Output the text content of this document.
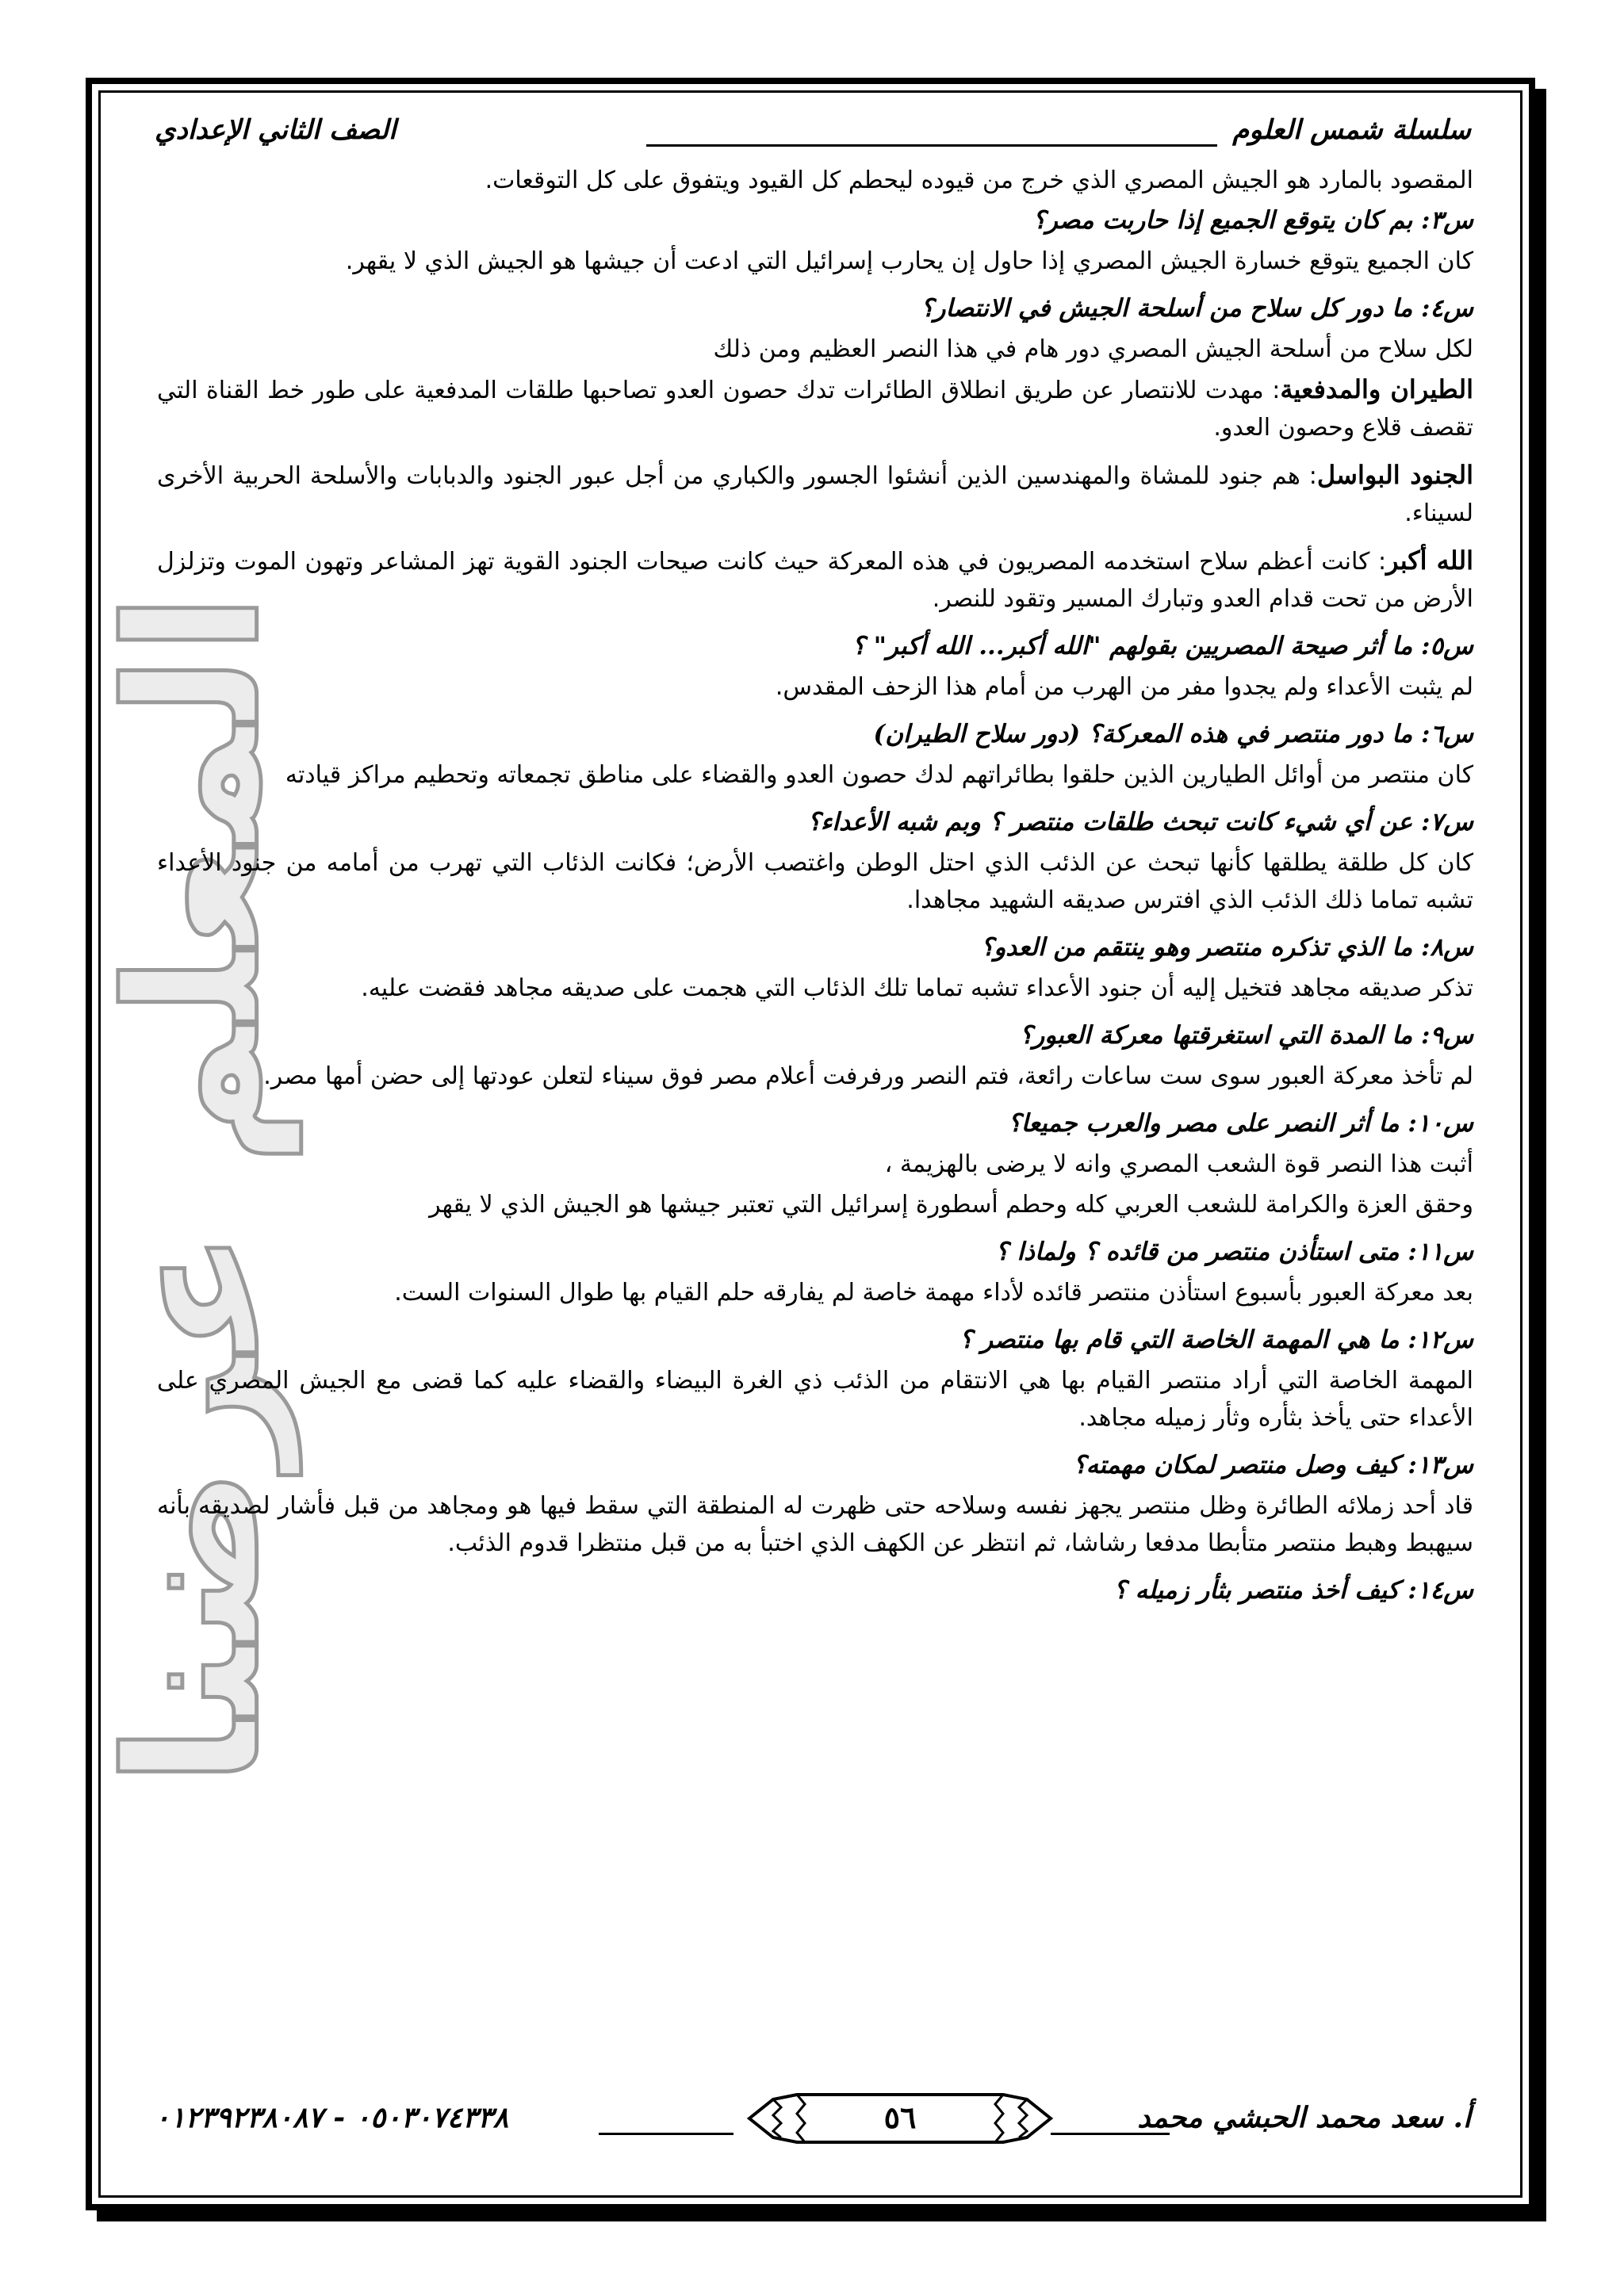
المعلم عرضنا
سلسلة شمس العلوم
الصف الثاني الإعدادي

المقصود بالمارد هو الجيش المصري الذي خرج من قيوده ليحطم كل القيود ويتفوق على كل التوقعات.

س٣: بم كان يتوقع الجميع إذا حاربت مصر؟

كان الجميع يتوقع خسارة الجيش المصري إذا حاول إن يحارب إسرائيل التي ادعت أن جيشها هو الجيش الذي لا يقهر.

س٤: ما دور كل سلاح من أسلحة الجيش في الانتصار؟

لكل سلاح من أسلحة الجيش المصري دور هام في هذا النصر العظيم ومن ذلك

الطيران والمدفعية: مهدت للانتصار عن طريق انطلاق الطائرات تدك حصون العدو تصاحبها طلقات المدفعية على طور خط القناة التي تقصف قلاع وحصون العدو.

الجنود البواسل: هم جنود للمشاة والمهندسين الذين أنشئوا الجسور والكباري من أجل عبور الجنود والدبابات والأسلحة الحربية الأخرى لسيناء.

الله أكبر: كانت أعظم سلاح استخدمه المصريون في هذه المعركة حيث كانت صيحات الجنود القوية تهز المشاعر وتهون الموت وتزلزل الأرض من تحت قدام العدو وتبارك المسير وتقود للنصر.

س٥: ما أثر صيحة المصريين بقولهم "الله أكبر... الله أكبر" ؟

لم يثبت الأعداء ولم يجدوا مفر من الهرب من أمام هذا الزحف المقدس.

س٦: ما دور منتصر في هذه المعركة؟ (دور سلاح الطيران)

كان منتصر من أوائل الطيارين الذين حلقوا بطائراتهم لدك حصون العدو والقضاء على مناطق تجمعاته وتحطيم مراكز قيادته

س٧: عن أي شيء كانت تبحث طلقات منتصر ؟ وبم شبه الأعداء؟

كان كل طلقة يطلقها كأنها تبحث عن الذئب الذي احتل الوطن واغتصب الأرض؛ فكانت الذئاب التي تهرب من أمامه من جنود الأعداء تشبه تماما ذلك الذئب الذي افترس صديقه الشهيد مجاهدا.

س٨: ما الذي تذكره منتصر وهو ينتقم من العدو؟

تذكر صديقه مجاهد فتخيل إليه أن جنود الأعداء تشبه تماما تلك الذئاب التي هجمت على صديقه مجاهد فقضت عليه.

س٩: ما المدة التي استغرقتها معركة العبور؟

لم تأخذ معركة العبور سوى ست ساعات رائعة، فتم النصر ورفرفت أعلام مصر فوق سيناء لتعلن عودتها إلى حضن أمها مصر.

س١٠: ما أثر النصر على مصر والعرب جميعا؟

أثبت هذا النصر قوة الشعب المصري وانه لا يرضى بالهزيمة ،

وحقق العزة والكرامة للشعب العربي كله وحطم أسطورة إسرائيل التي تعتبر جيشها هو الجيش الذي لا يقهر

س١١: متى استأذن منتصر من قائده ؟ ولماذا ؟

بعد معركة العبور بأسبوع استأذن منتصر قائده لأداء مهمة خاصة لم يفارقه حلم القيام بها طوال السنوات الست.

س١٢: ما هي المهمة الخاصة التي قام بها منتصر ؟

المهمة الخاصة التي أراد منتصر القيام بها هي الانتقام من الذئب ذي الغرة البيضاء والقضاء عليه كما قضى مع الجيش المصري على الأعداء حتى يأخذ بثأره وثأر زميله مجاهد.

س١٣: كيف وصل منتصر لمكان مهمته؟

قاد أحد زملائه الطائرة وظل منتصر يجهز نفسه وسلاحه حتى ظهرت له المنطقة التي سقط فيها هو ومجاهد من قبل فأشار لصديقه بأنه سيهبط وهبط منتصر متأبطا مدفعا رشاشا، ثم انتظر عن الكهف الذي اختبأ به من قبل منتظرا قدوم الذئب.

س١٤: كيف أخذ منتصر بثأر زميله ؟

أ. سعد محمد الحبشي محمد
٥٦
٠٥٠٣٠٧٤٣٣٨ - ٠١٢٣٩٢٣٨٠٨٧
